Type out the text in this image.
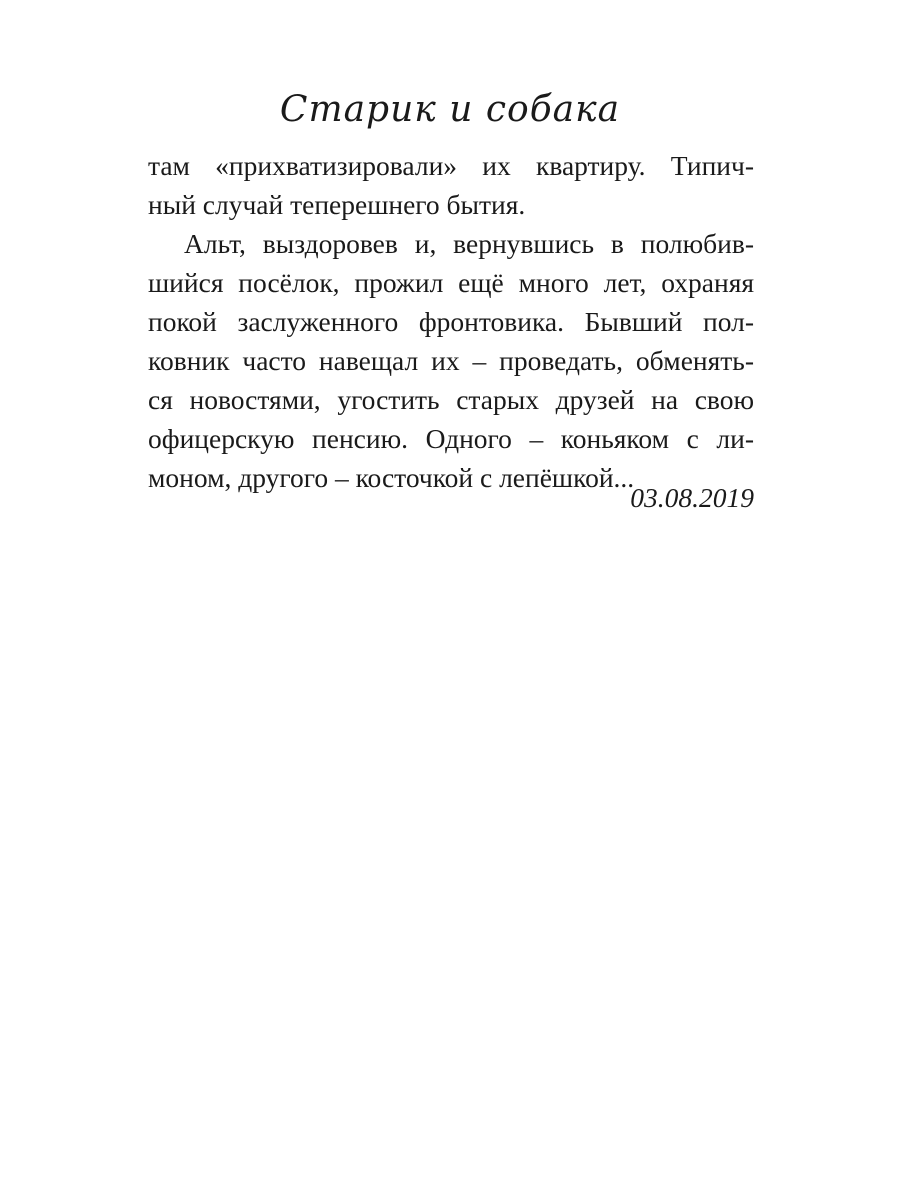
Старик и собака
там «прихватизировали» их квартиру. Типич-
ный случай теперешнего бытия.
Альт, выздоровев и, вернувшись в полюбив-
шийся посёлок, прожил ещё много лет, охраняя
покой заслуженного фронтовика. Бывший пол-
ковник часто навещал их – проведать, обменять-
ся новостями, угостить старых друзей на свою
офицерскую пенсию. Одного – коньяком с ли-
моном, другого – косточкой с лепёшкой...
03.08.2019
